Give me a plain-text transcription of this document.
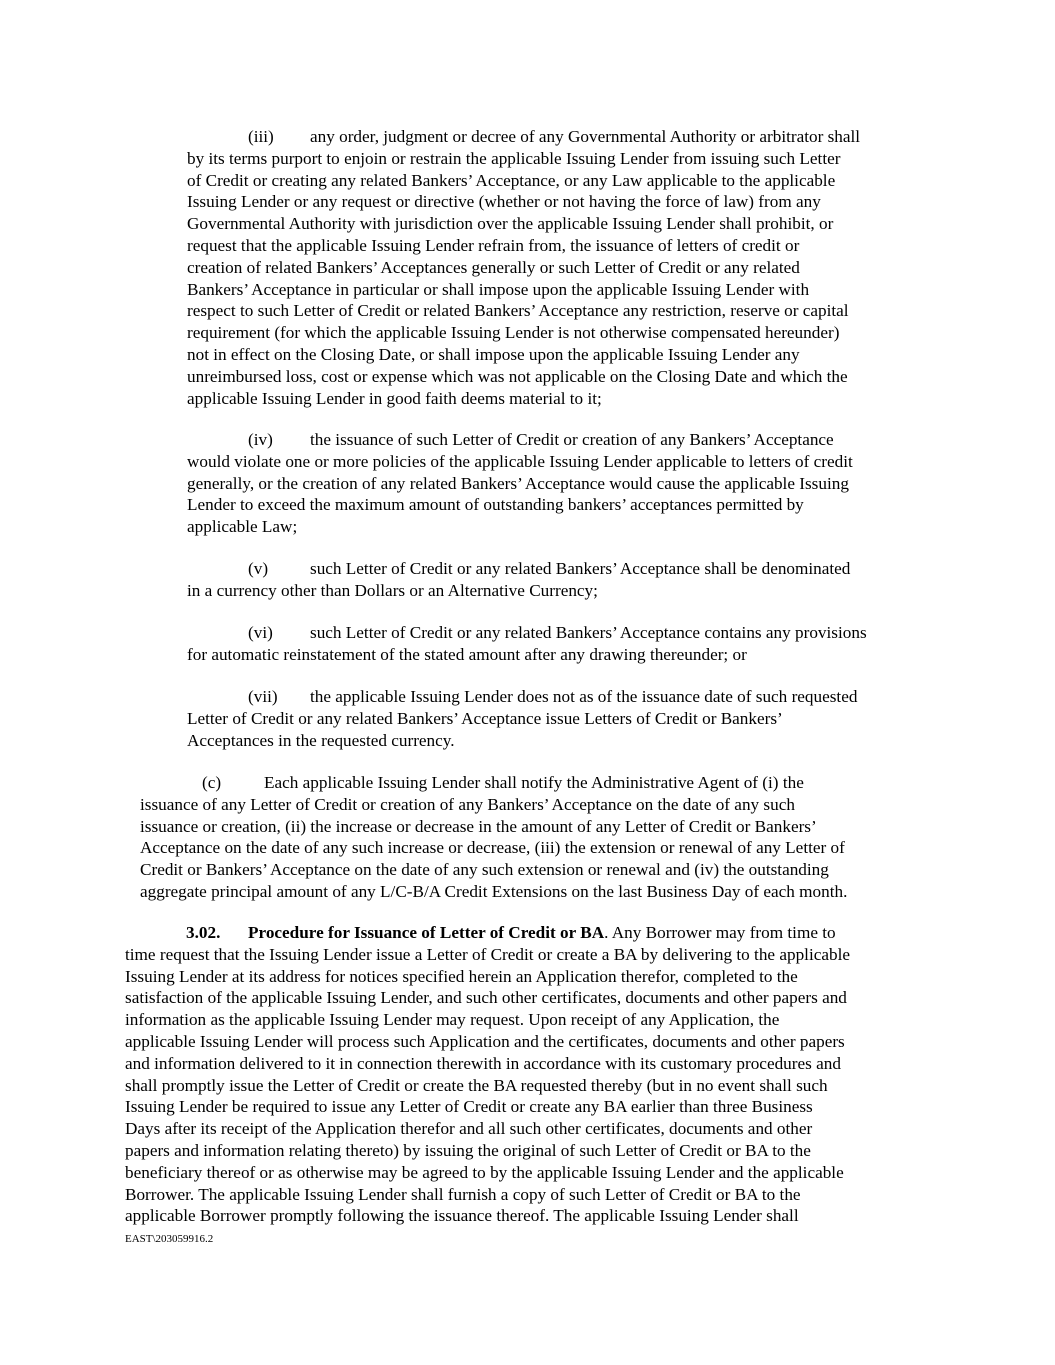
(iii) any order, judgment or decree of any Governmental Authority or arbitrator shall
by its terms purport to enjoin or restrain the applicable Issuing Lender from issuing such Letter
of Credit or creating any related Bankers’ Acceptance, or any Law applicable to the applicable
Issuing Lender or any request or directive (whether or not having the force of law) from any
Governmental Authority with jurisdiction over the applicable Issuing Lender shall prohibit, or
request that the applicable Issuing Lender refrain from, the issuance of letters of credit or
creation of related Bankers’ Acceptances generally or such Letter of Credit or any related
Bankers’ Acceptance in particular or shall impose upon the applicable Issuing Lender with
respect to such Letter of Credit or related Bankers’ Acceptance any restriction, reserve or capital
requirement (for which the applicable Issuing Lender is not otherwise compensated hereunder)
not in effect on the Closing Date, or shall impose upon the applicable Issuing Lender any
unreimbursed loss, cost or expense which was not applicable on the Closing Date and which the
applicable Issuing Lender in good faith deems material to it;
(iv) the issuance of such Letter of Credit or creation of any Bankers’ Acceptance
would violate one or more policies of the applicable Issuing Lender applicable to letters of credit
generally, or the creation of any related Bankers’ Acceptance would cause the applicable Issuing
Lender to exceed the maximum amount of outstanding bankers’ acceptances permitted by
applicable Law;
(v) such Letter of Credit or any related Bankers’ Acceptance shall be denominated
in a currency other than Dollars or an Alternative Currency;
(vi) such Letter of Credit or any related Bankers’ Acceptance contains any provisions
for automatic reinstatement of the stated amount after any drawing thereunder; or
(vii) the applicable Issuing Lender does not as of the issuance date of such requested
Letter of Credit or any related Bankers’ Acceptance issue Letters of Credit or Bankers’
Acceptances in the requested currency.
(c) Each applicable Issuing Lender shall notify the Administrative Agent of (i) the
issuance of any Letter of Credit or creation of any Bankers’ Acceptance on the date of any such
issuance or creation, (ii) the increase or decrease in the amount of any Letter of Credit or Bankers’
Acceptance on the date of any such increase or decrease, (iii) the extension or renewal of any Letter of
Credit or Bankers’ Acceptance on the date of any such extension or renewal and (iv) the outstanding
aggregate principal amount of any L/C-B/A Credit Extensions on the last Business Day of each month.
3.02. Procedure for Issuance of Letter of Credit or BA. Any Borrower may from time to
time request that the Issuing Lender issue a Letter of Credit or create a BA by delivering to the applicable
Issuing Lender at its address for notices specified herein an Application therefor, completed to the
satisfaction of the applicable Issuing Lender, and such other certificates, documents and other papers and
information as the applicable Issuing Lender may request. Upon receipt of any Application, the
applicable Issuing Lender will process such Application and the certificates, documents and other papers
and information delivered to it in connection therewith in accordance with its customary procedures and
shall promptly issue the Letter of Credit or create the BA requested thereby (but in no event shall such
Issuing Lender be required to issue any Letter of Credit or create any BA earlier than three Business
Days after its receipt of the Application therefor and all such other certificates, documents and other
papers and information relating thereto) by issuing the original of such Letter of Credit or BA to the
beneficiary thereof or as otherwise may be agreed to by the applicable Issuing Lender and the applicable
Borrower. The applicable Issuing Lender shall furnish a copy of such Letter of Credit or BA to the
applicable Borrower promptly following the issuance thereof. The applicable Issuing Lender shall
EAST\203059916.2
